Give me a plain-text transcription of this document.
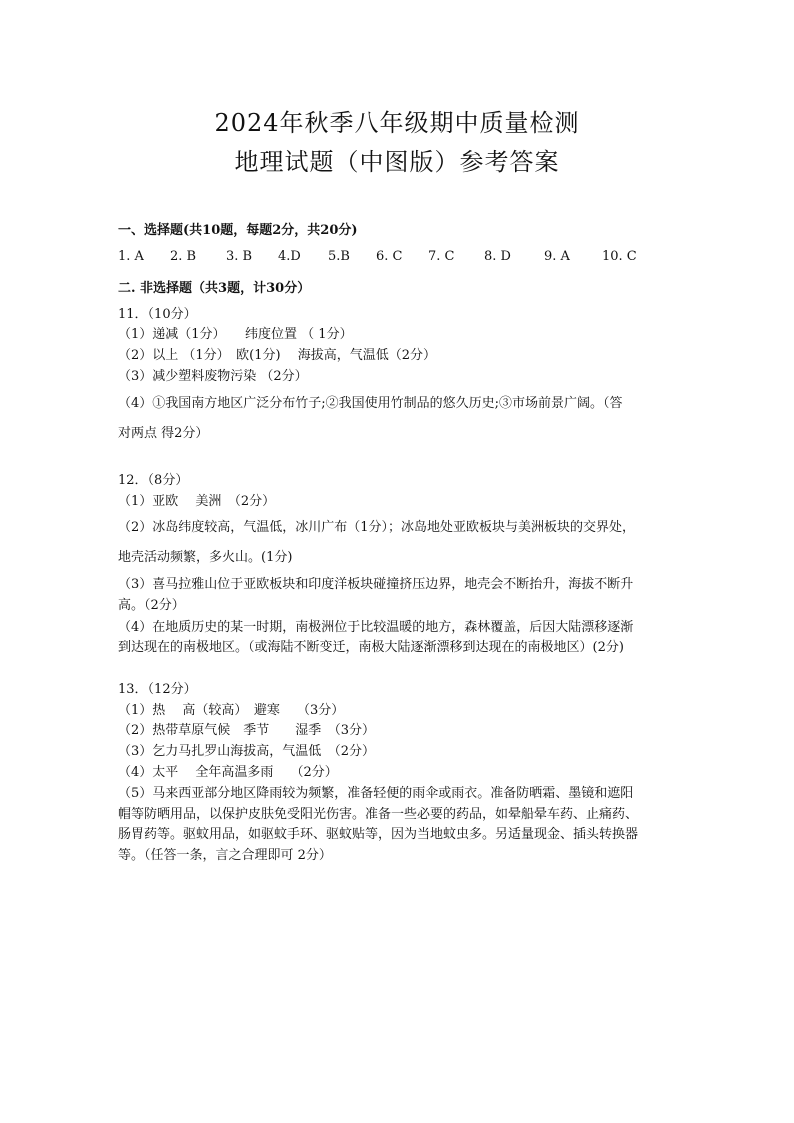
2024年秋季八年级期中质量检测
地理试题（中图版）参考答案

一、选择题(共10题，每题2分，共20分)

1. A	2. B	3. B	4.D	5.B	6. C	7. C	8. D	9. A	10. C

二. 非选择题（共3题，计30分）

11．（10分）

（1）递减（1分）　　纬度位置 （ 1分）

（2）以上 （1分）　欧(1分)　 海拔高，气温低（2分）

（3）减少塑料废物污染 （2分）

（4）①我国南方地区广泛分布竹子;②我国使用竹制品的悠久历史;③市场前景广阔。（答

对两点 得2分）

12．（8分）

（1）亚欧　 美洲　（2分）

（2）冰岛纬度较高，气温低，冰川广布（1分）；冰岛地处亚欧板块与美洲板块的交界处，

地壳活动频繁，多火山。(1分)

（3）喜马拉雅山位于亚欧板块和印度洋板块碰撞挤压边界，地壳会不断抬升，海拔不断升

高。（2分）

（4）在地质历史的某一时期，南极洲位于比较温暖的地方，森林覆盖，后因大陆漂移逐渐

到达现在的南极地区。（或海陆不断变迁，南极大陆逐渐漂移到达现在的南极地区）(2分)

13．（12分）

（1）热　 高（较高）　避寒　 （3分）

（2）热带草原气候　季节　　湿季　（3分）

（3）乞力马扎罗山海拔高，气温低　（2分）

（4）太平　 全年高温多雨　 （2分）

（5）马来西亚部分地区降雨较为频繁，准备轻便的雨伞或雨衣。准备防晒霜、墨镜和遮阳

帽等防晒用品，以保护皮肤免受阳光伤害。准备一些必要的药品，如晕船晕车药、止痛药、

肠胃药等。驱蚊用品，如驱蚊手环、驱蚊贴等，因为当地蚊虫多。另适量现金、插头转换器

等。（任答一条，言之合理即可 2分）
